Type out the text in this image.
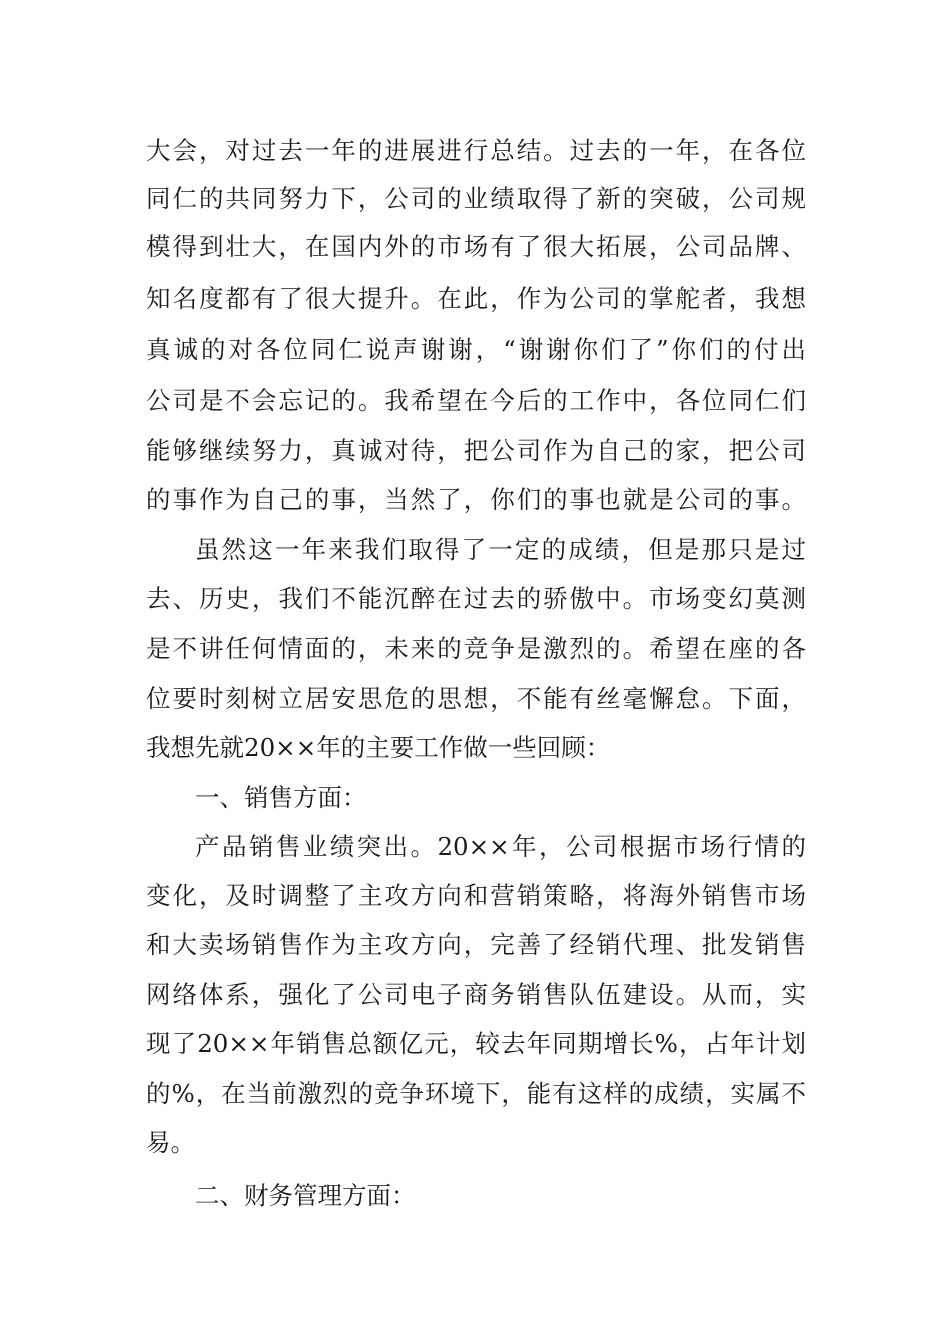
大会，对过去一年的进展进行总结。过去的一年，在各位
同仁的共同努力下，公司的业绩取得了新的突破，公司规
模得到壮大，在国内外的市场有了很大拓展，公司品牌、
知名度都有了很大提升。在此，作为公司的掌舵者，我想
真诚的对各位同仁说声谢谢，“谢谢你们了”你们的付出
公司是不会忘记的。我希望在今后的工作中，各位同仁们
能够继续努力，真诚对待，把公司作为自己的家，把公司
的事作为自己的事，当然了，你们的事也就是公司的事。
虽然这一年来我们取得了一定的成绩，但是那只是过
去、历史，我们不能沉醉在过去的骄傲中。市场变幻莫测
是不讲任何情面的，未来的竞争是激烈的。希望在座的各
位要时刻树立居安思危的思想，不能有丝毫懈怠。下面，
我想先就20××年的主要工作做一些回顾：
一、销售方面：
产品销售业绩突出。20××年，公司根据市场行情的
变化，及时调整了主攻方向和营销策略，将海外销售市场
和大卖场销售作为主攻方向，完善了经销代理、批发销售
网络体系，强化了公司电子商务销售队伍建设。从而，实
现了20××年销售总额亿元，较去年同期增长%，占年计划
的%，在当前激烈的竞争环境下，能有这样的成绩，实属不
易。
二、财务管理方面：
